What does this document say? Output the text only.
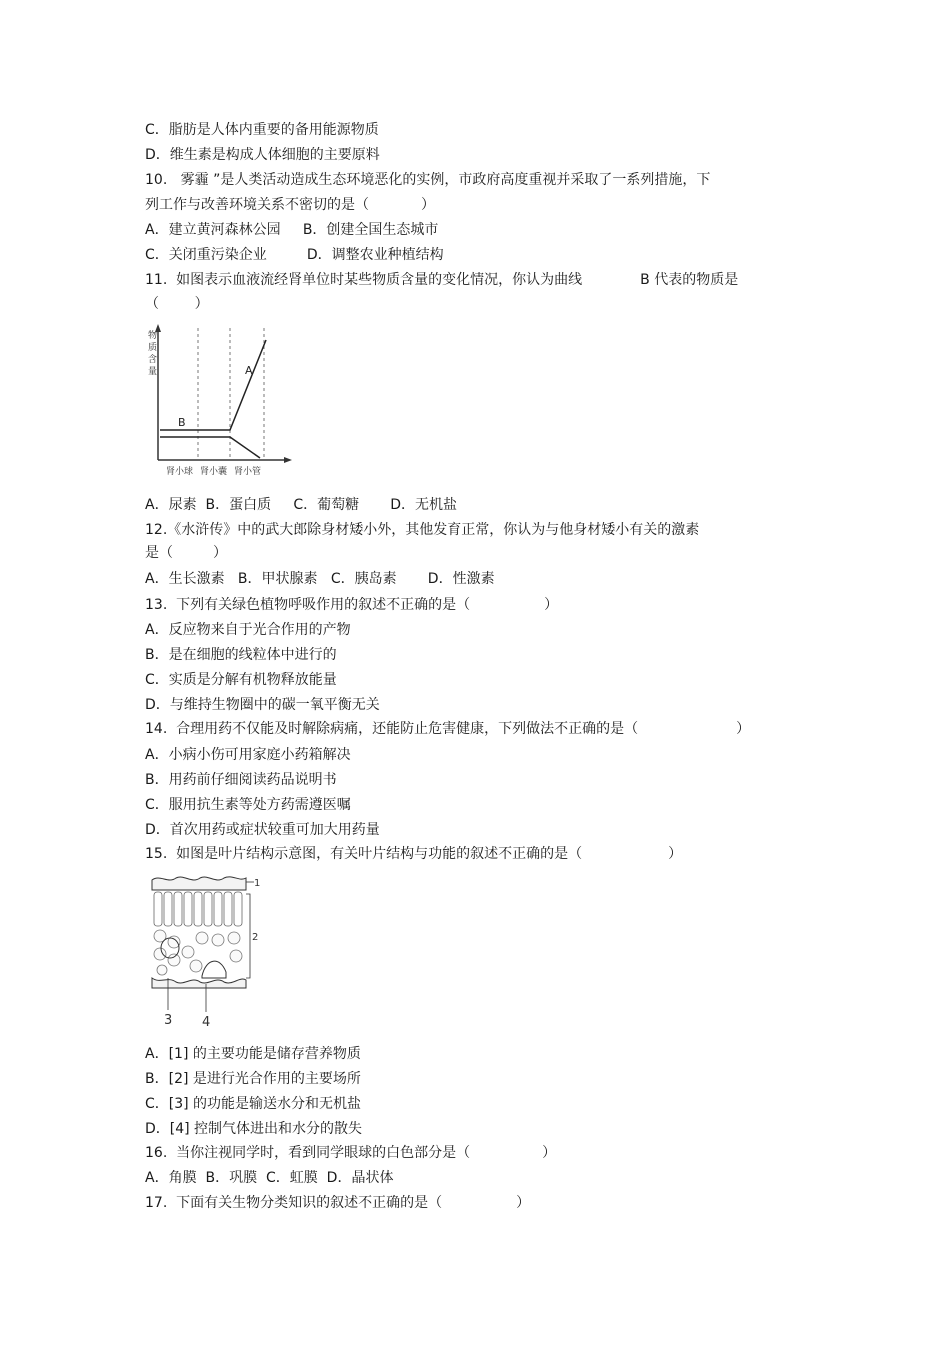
C．脂肪是人体内重要的备用能源物质
D．维生素是构成人体细胞的主要原料
10.   雾霾 ”是人类活动造成生态环境恶化的实例，市政府高度重视并采取了一系列措施，下
列工作与改善环境关系不密切的是（	）
A．建立黄河森林公园     B．创建全国生态城市
C．关闭重污染企业         D．调整农业种植结构
11.  如图表示血液流经肾单位时某些物质含量的变化情况，你认为曲线	B 代表的物质是
（        ）
物
质
含
量	A
B
肾小球 肾小囊 肾小管
A．尿素  B．蛋白质     C．葡萄糖       D．无机盐
12.《水浒传》中的武大郎除身材矮小外，其他发育正常，你认为与他身材矮小有关的激素
是（         ）
A．生长激素   B．甲状腺素   C．胰岛素       D．性激素
13.  下列有关绿色植物呼吸作用的叙述不正确的是（	）
A．反应物来自于光合作用的产物
B．是在细胞的线粒体中进行的
C．实质是分解有机物释放能量
D．与维持生物圈中的碳一氧平衡无关
14.  合理用药不仅能及时解除病痛，还能防止危害健康，下列做法不正确的是（	）
B．用药前仔细阅读药品说明书
A．小病小伤可用家庭小药箱解决
C．服用抗生素等处方药需遵医嘱
D．首次用药或症状较重可加大用药量
15.  如图是叶片结构示意图，有关叶片结构与功能的叙述不正确的是（	）
1
2
3 4
A．[1] 的主要功能是储存营养物质
B．[2] 是进行光合作用的主要场所
C．[3] 的功能是输送水分和无机盐
D．[4] 控制气体进出和水分的散失
16.  当你注视同学时，看到同学眼球的白色部分是（	）
A．角膜  B．巩膜  C．虹膜  D．晶状体
17.  下面有关生物分类知识的叙述不正确的是（	）
